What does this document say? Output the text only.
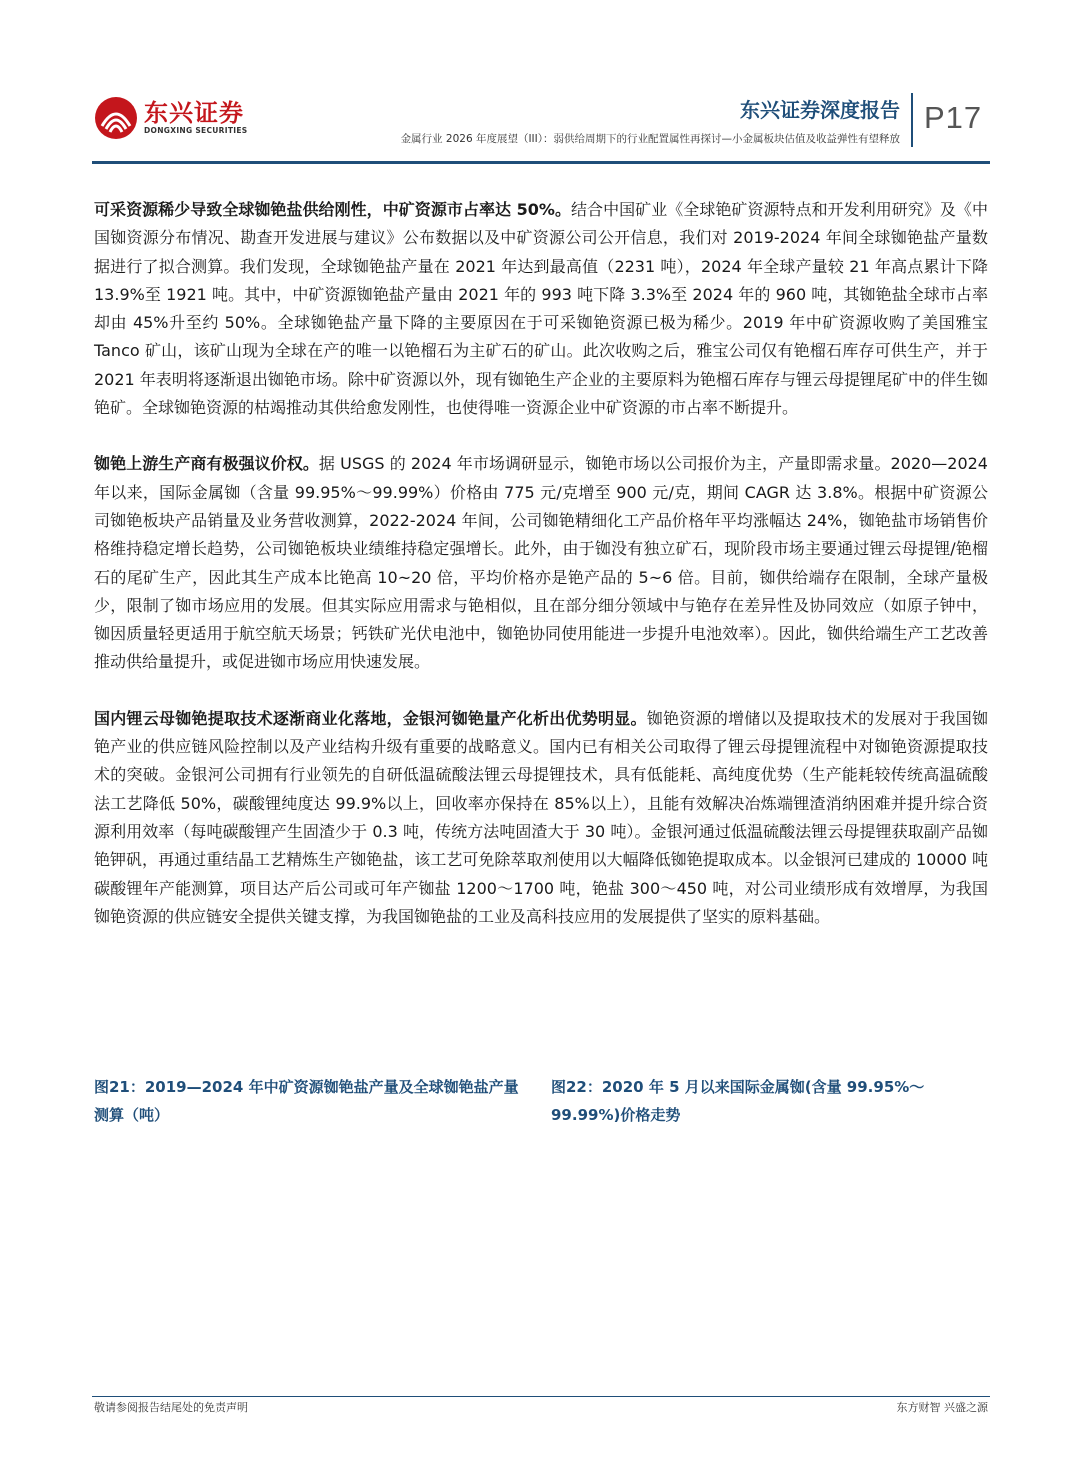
东兴证券
DONGXING SECURITIES
东兴证券深度报告 P17
金属行业 2026 年度展望（III）：弱供给周期下的行业配置属性再探讨—小金属板块估值及收益弹性有望释放

可采资源稀少导致全球铷铯盐供给刚性，中矿资源市占率达 50%。结合中国矿业《全球铯矿资源特点和开发利用研究》及《中国铷资源分布情况、勘查开发进展与建议》公布数据以及中矿资源公司公开信息，我们对 2019-2024 年间全球铷铯盐产量数据进行了拟合测算。我们发现，全球铷铯盐产量在 2021 年达到最高值（2231 吨），2024 年全球产量较 21 年高点累计下降 13.9%至 1921 吨。其中，中矿资源铷铯盐产量由 2021 年的 993 吨下降 3.3%至 2024 年的 960 吨，其铷铯盐全球市占率却由 45%升至约 50%。全球铷铯盐产量下降的主要原因在于可采铷铯资源已极为稀少。2019 年中矿资源收购了美国雅宝 Tanco 矿山，该矿山现为全球在产的唯一以铯榴石为主矿石的矿山。此次收购之后，雅宝公司仅有铯榴石库存可供生产，并于 2021 年表明将逐渐退出铷铯市场。除中矿资源以外，现有铷铯生产企业的主要原料为铯榴石库存与锂云母提锂尾矿中的伴生铷铯矿。全球铷铯资源的枯竭推动其供给愈发刚性，也使得唯一资源企业中矿资源的市占率不断提升。

铷铯上游生产商有极强议价权。据 USGS 的 2024 年市场调研显示，铷铯市场以公司报价为主，产量即需求量。2020—2024 年以来，国际金属铷（含量 99.95%～99.99%）价格由 775 元/克增至 900 元/克，期间 CAGR 达 3.8%。根据中矿资源公司铷铯板块产品销量及业务营收测算，2022-2024 年间，公司铷铯精细化工产品价格年平均涨幅达 24%，铷铯盐市场销售价格维持稳定增长趋势，公司铷铯板块业绩维持稳定强增长。此外，由于铷没有独立矿石，现阶段市场主要通过锂云母提锂/铯榴石的尾矿生产，因此其生产成本比铯高 10~20 倍，平均价格亦是铯产品的 5~6 倍。目前，铷供给端存在限制，全球产量极少，限制了铷市场应用的发展。但其实际应用需求与铯相似，且在部分细分领域中与铯存在差异性及协同效应（如原子钟中，铷因质量轻更适用于航空航天场景；钙铁矿光伏电池中，铷铯协同使用能进一步提升电池效率）。因此，铷供给端生产工艺改善推动供给量提升，或促进铷市场应用快速发展。

国内锂云母铷铯提取技术逐渐商业化落地，金银河铷铯量产化析出优势明显。铷铯资源的增储以及提取技术的发展对于我国铷铯产业的供应链风险控制以及产业结构升级有重要的战略意义。国内已有相关公司取得了锂云母提锂流程中对铷铯资源提取技术的突破。金银河公司拥有行业领先的自研低温硫酸法锂云母提锂技术，具有低能耗、高纯度优势（生产能耗较传统高温硫酸法工艺降低 50%，碳酸锂纯度达 99.9%以上，回收率亦保持在 85%以上），且能有效解决冶炼端锂渣消纳困难并提升综合资源利用效率（每吨碳酸锂产生固渣少于 0.3 吨，传统方法吨固渣大于 30 吨）。金银河通过低温硫酸法锂云母提锂获取副产品铷铯钾矾，再通过重结晶工艺精炼生产铷铯盐，该工艺可免除萃取剂使用以大幅降低铷铯提取成本。以金银河已建成的 10000 吨碳酸锂年产能测算，项目达产后公司或可年产铷盐 1200～1700 吨，铯盐 300～450 吨，对公司业绩形成有效增厚，为我国铷铯资源的供应链安全提供关键支撑，为我国铷铯盐的工业及高科技应用的发展提供了坚实的原料基础。

图21：2019—2024 年中矿资源铷铯盐产量及全球铷铯盐产量测算（吨）
图22：2020 年 5 月以来国际金属铷(含量 99.95%～99.99%)价格走势
敬请参阅报告结尾处的免责声明	东方财智 兴盛之源
